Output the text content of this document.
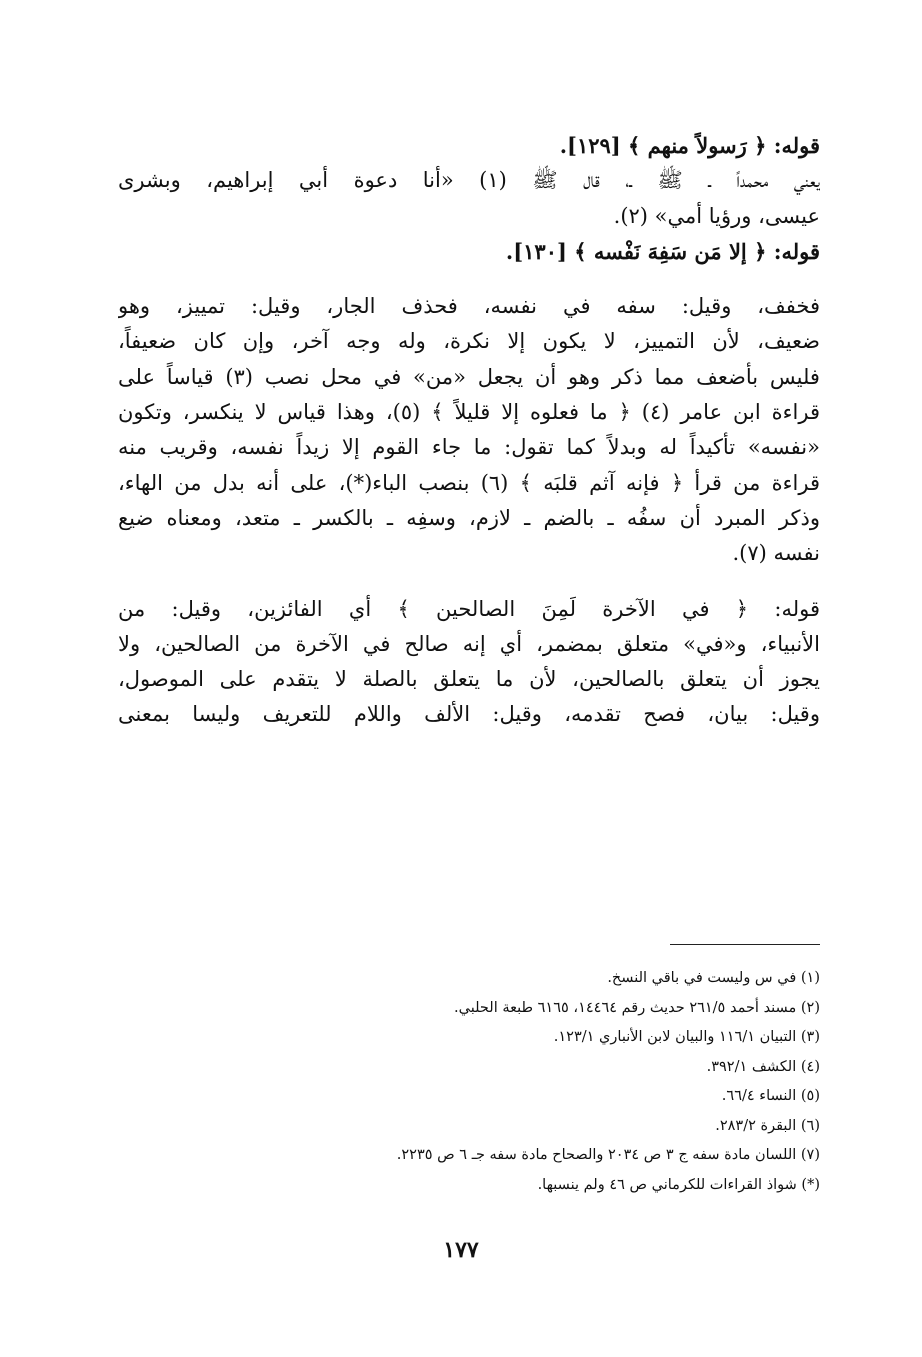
قوله: ﴿ رَسولاً منهم ﴾ [١٢٩].
يعني محمداً ـ ﷺ ـ، قال ﷺ (١) «أنا دعوة أبي إبراهيم، وبشرى
عيسى، ورؤيا أمي» (٢).
قوله: ﴿ إلا مَن سَفِهَ نَفْسه ﴾ [١٣٠].
فخفف، وقيل: سفه في نفسه، فحذف الجار، وقيل: تمييز، وهو
ضعيف، لأن التمييز، لا يكون إلا نكرة، وله وجه آخر، وإن كان ضعيفاً،
فليس بأضعف مما ذكر وهو أن يجعل «من» في محل نصب (٣) قياساً على
قراءة ابن عامر (٤) ﴿ ما فعلوه إلا قليلاً ﴾ (٥)، وهذا قياس لا ينكسر، وتكون
«نفسه» تأكيداً له وبدلاً كما تقول: ما جاء القوم إلا زيداً نفسه، وقريب منه
قراءة من قرأ ﴿ فإنه آثم قلبَه ﴾ (٦) بنصب الباء(*)، على أنه بدل من الهاء،
وذكر المبرد أن سفُه ـ بالضم ـ لازم، وسفِه ـ بالكسر ـ متعد، ومعناه ضيع
نفسه (٧).
قوله: ﴿ في الآخرة لَمِنَ الصالحين ﴾ أي الفائزين، وقيل: من
الأنبياء، و«في» متعلق بمضمر، أي إنه صالح في الآخرة من الصالحين، ولا
يجوز أن يتعلق بالصالحين، لأن ما يتعلق بالصلة لا يتقدم على الموصول،
وقيل: بيان، فصح تقدمه، وقيل: الألف واللام للتعريف وليسا بمعنى
(١) في س وليست في باقي النسخ.
(٢) مسند أحمد ٢٦١/٥ حديث رقم ١٤٤٦٤، ٦١٦٥ طبعة الحلبي.
(٣) التبيان ١١٦/١ والبيان لابن الأنباري ١٢٣/١.
(٤) الكشف ٣٩٢/١.
(٥) النساء ٦٦/٤.
(٦) البقرة ٢٨٣/٢.
(٧) اللسان مادة سفه ج ٣ ص ٢٠٣٤ والصحاح مادة سفه جـ ٦ ص ٢٢٣٥.
(*) شواذ القراءات للكرماني ص ٤٦ ولم ينسبها.
١٧٧
